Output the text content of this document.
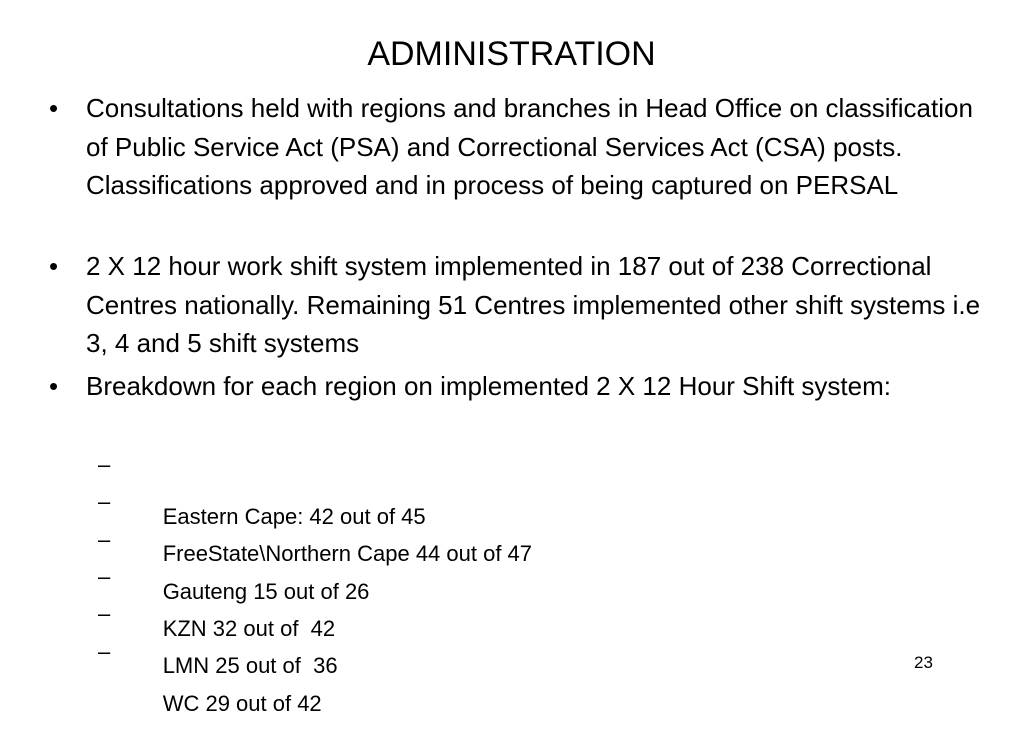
ADMINISTRATION
• Consultations held with regions and branches in Head Office on classification of Public Service Act (PSA) and Correctional Services Act (CSA) posts. Classifications approved and in process of being captured on PERSAL
• 2 X 12 hour work shift system implemented in 187 out of 238 Correctional Centres nationally. Remaining 51 Centres implemented other shift systems i.e 3, 4 and 5 shift systems
• Breakdown for each region on implemented 2 X 12 Hour Shift system:

–

Eastern Cape: 42 out of 45

–

FreeState\Northern Cape 44 out of 47

–

Gauteng 15 out of 26

–

KZN 32 out of  42

–

LMN 25 out of  36

–

WC 29 out of 42

23
